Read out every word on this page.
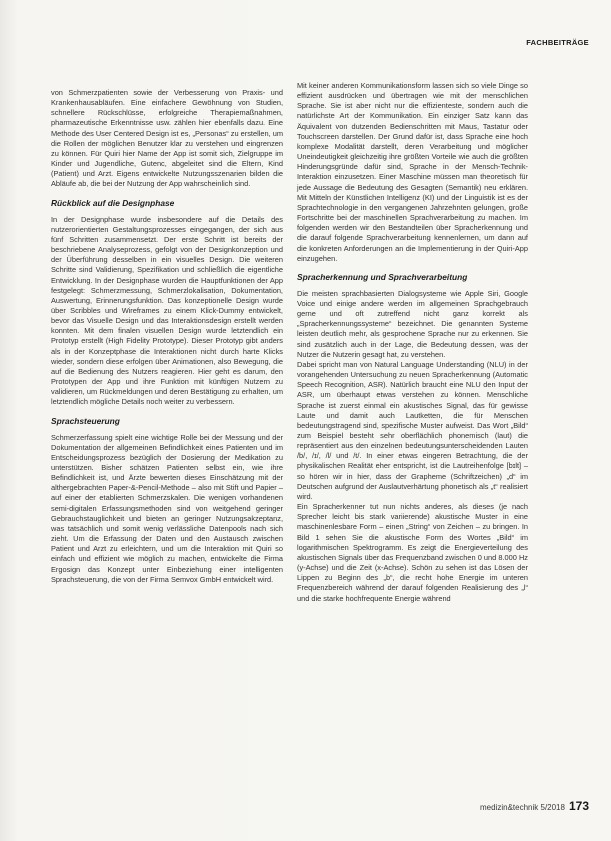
FACHBEITRÄGE

von Schmerzpatienten sowie der Verbesserung von Praxis- und Krankenhausabläufen. Eine einfachere Gewöhnung von Studien, schnellere Rückschlüsse, erfolgreiche Therapiemaßnahmen, pharmazeutische Erkenntnisse usw. zählen hier ebenfalls dazu. Eine Methode des User Centered Design ist es, „Personas“ zu erstellen, um die Rollen der möglichen Benutzer klar zu verstehen und eingrenzen zu können. Für Quiri hier Name der App ist somit sich, Zielgruppe im Kinder und Jugendliche, Gutenc, abgeleitet sind die Eltern, Kind (Patient) und Arzt. Eigens entwickelte Nutzungsszenarien bilden die Abläufe ab, die bei der Nutzung der App wahrscheinlich sind.

Rückblick auf die Designphase

In der Designphase wurde insbesondere auf die Details des nutzerorientierten Gestaltungsprozesses eingegangen, der sich aus fünf Schritten zusammensetzt. Der erste Schritt ist bereits der beschriebene Analyseprozess, gefolgt von der Designkonzeption und der Überführung desselben in ein visuelles Design. Die weiteren Schritte sind Validierung, Spezifikation und schließlich die eigentliche Entwicklung. In der Designphase wurden die Hauptfunktionen der App festgelegt: Schmerzmessung, Schmerzlokalisation, Dokumentation, Auswertung, Erinnerungsfunktion. Das konzeptionelle Design wurde über Scribbles und Wireframes zu einem Klick-Dummy entwickelt, bevor das Visuelle Design und das Interaktionsdesign erstellt werden konnten. Mit dem finalen visuellen Design wurde letztendlich ein Prototyp erstellt (High Fidelity Prototype). Dieser Prototyp gibt anders als in der Konzeptphase die Interaktionen nicht durch harte Klicks wieder, sondern diese erfolgen über Animationen, also Bewegung, die auf die Bedienung des Nutzers reagieren. Hier geht es darum, den Prototypen der App und ihre Funktion mit künftigen Nutzern zu validieren, um Rückmeldungen und deren Bestätigung zu erhalten, um letztendlich mögliche Details noch weiter zu verbessern.

Sprachsteuerung

Schmerzerfassung spielt eine wichtige Rolle bei der Messung und der Dokumentation der allgemeinen Befindlichkeit eines Patienten und im Entscheidungsprozess bezüglich der Dosierung der Medikation zu unterstützen. Bisher schätzen Patienten selbst ein, wie ihre Befindlichkeit ist, und Ärzte bewerten dieses Einschätzung mit der althergebrachten Paper-&-Pencil-Methode – also mit Stift und Papier – auf einer der etablierten Schmerzskalen. Die wenigen vorhandenen semi-digitalen Erfassungsmethoden sind von weitgehend geringer Gebrauchstauglichkeit und bieten an geringer Nutzungsakzeptanz, was tatsächlich und somit wenig verlässliche Datenpools nach sich zieht. Um die Erfassung der Daten und den Austausch zwischen Patient und Arzt zu erleichtern, und um die Interaktion mit Quiri so einfach und effizient wie möglich zu machen, entwickelte die Firma Ergosign das Konzept unter Einbeziehung einer intelligenten Sprachsteuerung, die von der Firma Semvox GmbH entwickelt wird.

Mit keiner anderen Kommunikationsform lassen sich so viele Dinge so effizient ausdrücken und übertragen wie mit der menschlichen Sprache. Sie ist aber nicht nur die effizienteste, sondern auch die natürlichste Art der Kommunikation. Ein einziger Satz kann das Äquivalent von dutzenden Bedienschritten mit Maus, Tastatur oder Touchscreen darstellen. Der Grund dafür ist, dass Sprache eine hoch komplexe Modalität darstellt, deren Verarbeitung und möglicher Uneindeutigkeit gleichzeitig ihre größten Vorteile wie auch die größten Hinderungsgründe dafür sind, Sprache in der Mensch-Technik-Interaktion einzusetzen. Einer Maschine müssen man theoretisch für jede Aussage die Bedeutung des Gesagten (Semantik) neu erklären. Mit Mitteln der Künstlichen Intelligenz (KI) und der Linguistik ist es der Sprachtechnologie in den vergangenen Jahrzehnten gelungen, große Fortschritte bei der maschinellen Sprachverarbeitung zu machen. Im folgenden werden wir den Bestandteilen über Spracherkennung und die darauf folgende Sprachverarbeitung kennenlernen, um dann auf die konkreten Anforderungen an die Implementierung in der Quiri-App einzugehen.

Spracherkennung und Sprachverarbeitung

Die meisten sprachbasierten Dialogsysteme wie Apple Siri, Google Voice und einige andere werden im allgemeinen Sprachgebrauch gerne und oft zutreffend nicht ganz korrekt als „Spracherkennungssysteme“ bezeichnet. Die genannten Systeme leisten deutlich mehr, als gesprochene Sprache nur zu erkennen. Sie sind zusätzlich auch in der Lage, die Bedeutung dessen, was der Nutzer die Nutzerin gesagt hat, zu verstehen.

Dabei spricht man von Natural Language Understanding (NLU) in der vorangehenden Untersuchung zu neuen Spracherkennung (Automatic Speech Recognition, ASR). Natürlich braucht eine NLU den Input der ASR, um überhaupt etwas verstehen zu können. Menschliche Sprache ist zuerst einmal ein akustisches Signal, das für gewisse Laute und damit auch Lautketten, die für Menschen bedeutungstragend sind, spezifische Muster aufweist. Das Wort „Bild“ zum Beispiel besteht sehr oberflächlich phonemisch (laut) die repräsentiert aus den einzelnen bedeutungsunterscheidenden Lauten /b/, /ɪ/, /l/ und /t/. In einer etwas eingeren Betrachtung, die der physikalischen Realität eher entspricht, ist die Lautreihenfolge [bɪlt] – so hören wir in hier, dass der Grapheme (Schriftzeichen) „d“ im Deutschen aufgrund der Auslautverhärtung phonetisch als „t“ realisiert wird.

Ein Spracherkenner tut nun nichts anderes, als dieses (je nach Sprecher leicht bis stark variierende) akustische Muster in eine maschinenlesbare Form – einen „String“ von Zeichen – zu bringen. In Bild 1 sehen Sie die akustische Form des Wortes „Bild“ im logarithmischen Spektrogramm. Es zeigt die Energieverteilung des akustischen Signals über das Frequenzband zwischen 0 und 8.000 Hz (y-Achse) und die Zeit (x-Achse). Schön zu sehen ist das Lösen der Lippen zu Beginn des „b“, die recht hohe Energie im unteren Frequenzbereich während der darauf folgenden Realisierung des „l“ und die starke hochfrequente Energie während

medizin&technik 5/2018 173
